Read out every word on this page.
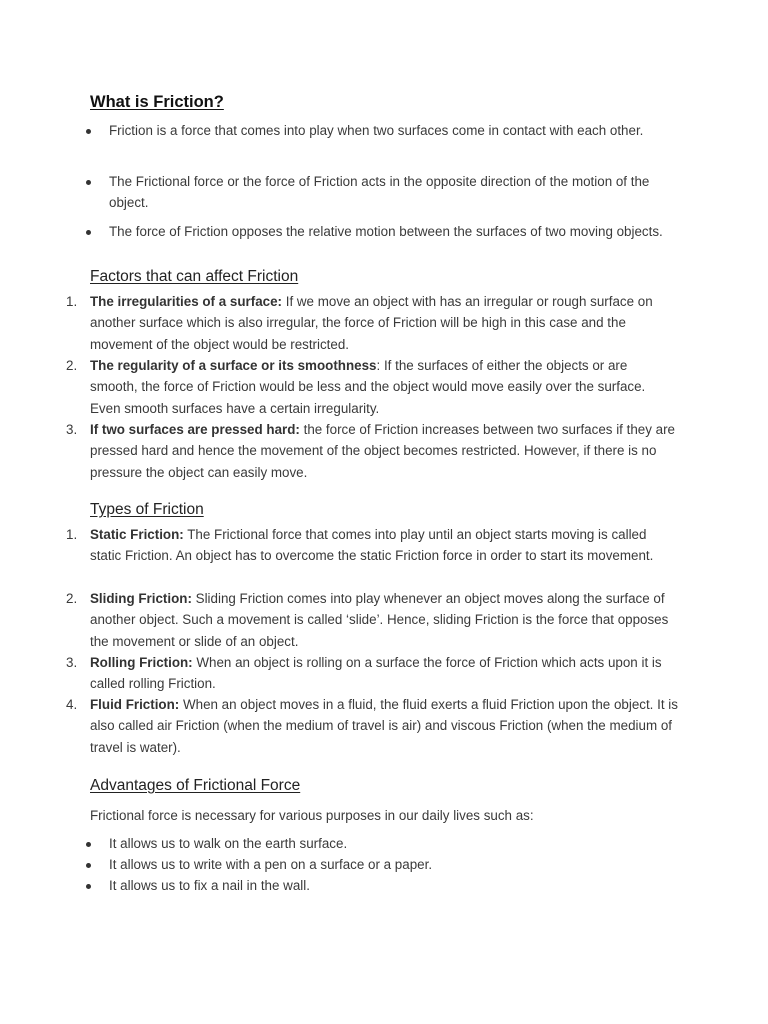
What is Friction?
Friction is a force that comes into play when two surfaces come in contact with each other.
The Frictional force or the force of Friction acts in the opposite direction of the motion of the object.
The force of Friction opposes the relative motion between the surfaces of two moving objects.
Factors that can affect Friction
1. The irregularities of a surface: If we move an object with has an irregular or rough surface on another surface which is also irregular, the force of Friction will be high in this case and the movement of the object would be restricted.
2. The regularity of a surface or its smoothness: If the surfaces of either the objects or are smooth, the force of Friction would be less and the object would move easily over the surface. Even smooth surfaces have a certain irregularity.
3. If two surfaces are pressed hard: the force of Friction increases between two surfaces if they are pressed hard and hence the movement of the object becomes restricted. However, if there is no pressure the object can easily move.
Types of Friction
1. Static Friction: The Frictional force that comes into play until an object starts moving is called static Friction. An object has to overcome the static Friction force in order to start its movement.
2. Sliding Friction: Sliding Friction comes into play whenever an object moves along the surface of another object. Such a movement is called ‘slide’. Hence, sliding Friction is the force that opposes the movement or slide of an object.
3. Rolling Friction: When an object is rolling on a surface the force of Friction which acts upon it is called rolling Friction.
4. Fluid Friction: When an object moves in a fluid, the fluid exerts a fluid Friction upon the object. It is also called air Friction (when the medium of travel is air) and viscous Friction (when the medium of travel is water).
Advantages of Frictional Force

Frictional force is necessary for various purposes in our daily lives such as:

It allows us to walk on the earth surface.
It allows us to write with a pen on a surface or a paper.
It allows us to fix a nail in the wall.
